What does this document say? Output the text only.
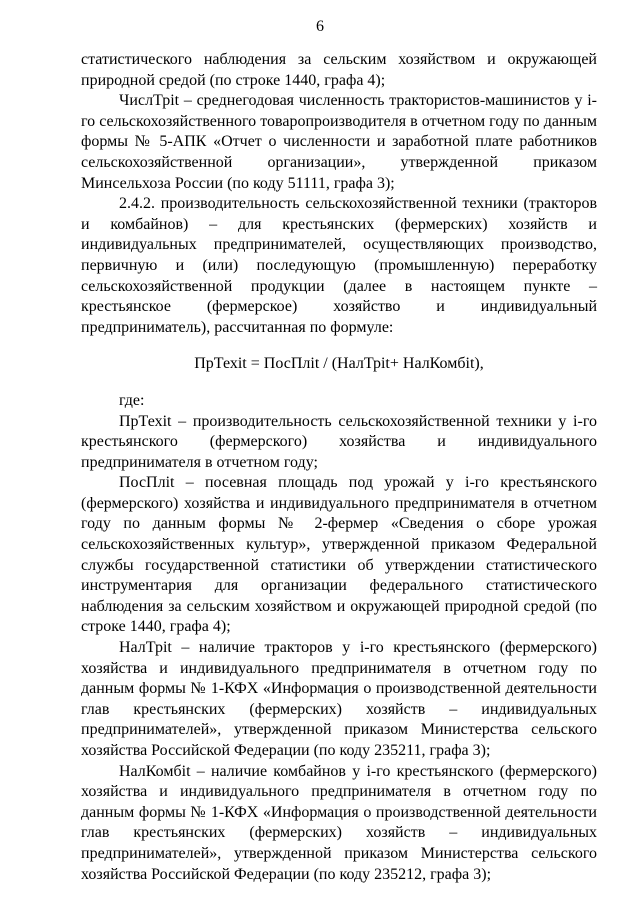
6

статистического наблюдения за сельским хозяйством и окружающей природной средой (по строке 1440, графа 4);

ЧислТрit – среднегодовая численность трактористов-машинистов у i-го сельскохозяйственного товаропроизводителя в отчетном году по данным формы № 5-АПК «Отчет о численности и заработной плате работников сельскохозяйственной организации», утвержденной приказом Минсельхоза России (по коду 51111, графа 3);

2.4.2. производительность сельскохозяйственной техники (тракторов и комбайнов) – для крестьянских (фермерских) хозяйств и индивидуальных предпринимателей, осуществляющих производство, первичную и (или) последующую (промышленную) переработку сельскохозяйственной продукции (далее в настоящем пункте – крестьянское (фермерское) хозяйство и индивидуальный предприниматель), рассчитанная по формуле:

ПрТехit = ПосПлit / (НалТрit+ НалКомбit),

где:

ПрТехit – производительность сельскохозяйственной техники у i-го крестьянского (фермерского) хозяйства и индивидуального предпринимателя в отчетном году;

ПосПлit – посевная площадь под урожай у i-го крестьянского (фермерского) хозяйства и индивидуального предпринимателя в отчетном году по данным формы № 2-фермер «Сведения о сборе урожая сельскохозяйственных культур», утвержденной приказом Федеральной службы государственной статистики об утверждении статистического инструментария для организации федерального статистического наблюдения за сельским хозяйством и окружающей природной средой (по строке 1440, графа 4);

НалТрit – наличие тракторов у i-го крестьянского (фермерского) хозяйства и индивидуального предпринимателя в отчетном году по данным формы № 1-КФХ «Информация о производственной деятельности глав крестьянских (фермерских) хозяйств – индивидуальных предпринимателей», утвержденной приказом Министерства сельского хозяйства Российской Федерации (по коду 235211, графа 3);

НалКомбit – наличие комбайнов у i-го крестьянского (фермерского) хозяйства и индивидуального предпринимателя в отчетном году по данным формы № 1-КФХ «Информация о производственной деятельности глав крестьянских (фермерских) хозяйств – индивидуальных предпринимателей», утвержденной приказом Министерства сельского хозяйства Российской Федерации (по коду 235212, графа 3);
